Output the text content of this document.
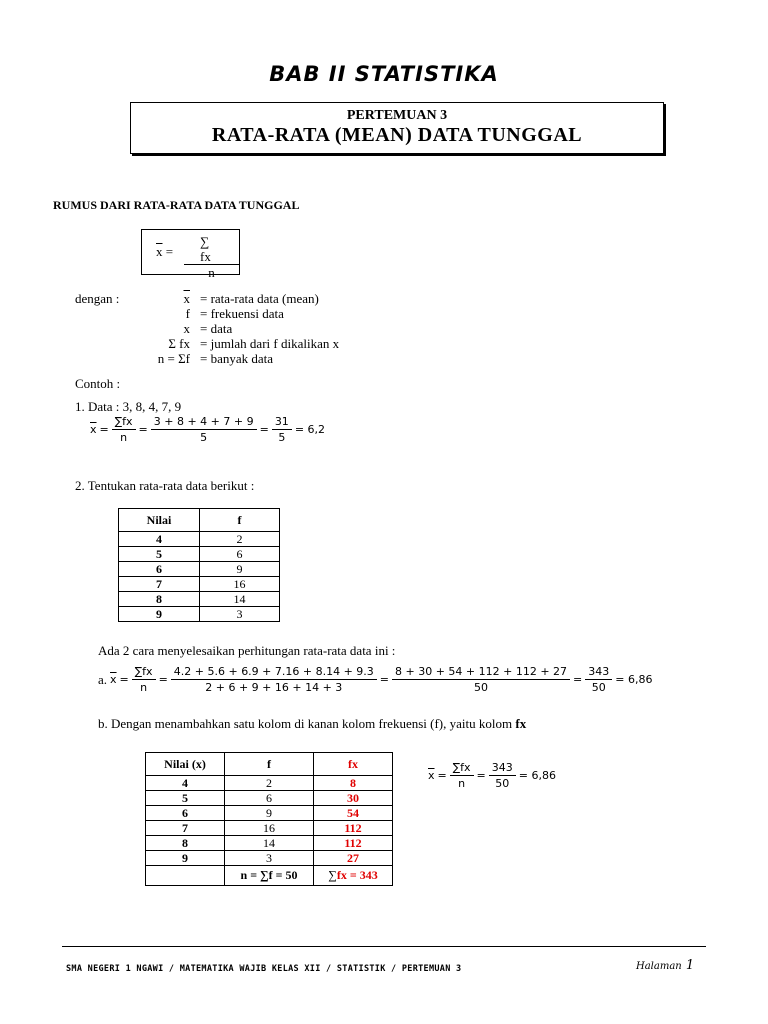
BAB II STATISTIKA
PERTEMUAN 3
RATA-RATA (MEAN) DATA TUNGGAL
RUMUS DARI RATA-RATA DATA TUNGGAL
$\overline{x} = \frac{\sum fx}{n}$
dengan :	$\overline{x}$ = rata-rata data (mean)
f = frekuensi data
x = data
Σ fx = jumlah dari f dikalikan x
n = Σf = banyak data
Contoh :
1. Data : 3, 8, 4, 7, 9
$\overline{x} = \frac{\sum fx}{n} = \frac{3 + 8 + 4 + 7 + 9}{5} = \frac{31}{5} = 6,2$
2. Tentukan rata-rata data berikut :
Nilai	f
4	2
5	6
6	9
7	16
8	14
9	3
Ada 2 cara menyelesaikan perhitungan rata-rata data ini :
a. $\overline{x} = \frac{\sum fx}{n} = \frac{4.2 + 5.6 + 6.9 + 7.16 + 8.14 + 9.3}{2 + 6 + 9 + 16 + 14 + 3} = \frac{8 + 30 + 54 + 112 + 112 + 27}{50} = \frac{343}{50} = 6,86$
b. Dengan menambahkan satu kolom di kanan kolom frekuensi (f), yaitu kolom fx
Nilai (x)	f	fx
4	2	8
5	6	30
6	9	54
7	16	112
8	14	112
9	3	27
	n = ∑f = 50	∑fx = 343
$\overline{x} = \frac{\sum fx}{n} = \frac{343}{50} = 6,86$
SMA NEGERI 1 NGAWI / MATEMATIKA WAJIB KELAS XII / STATISTIK / PERTEMUAN 3	Halaman 1
